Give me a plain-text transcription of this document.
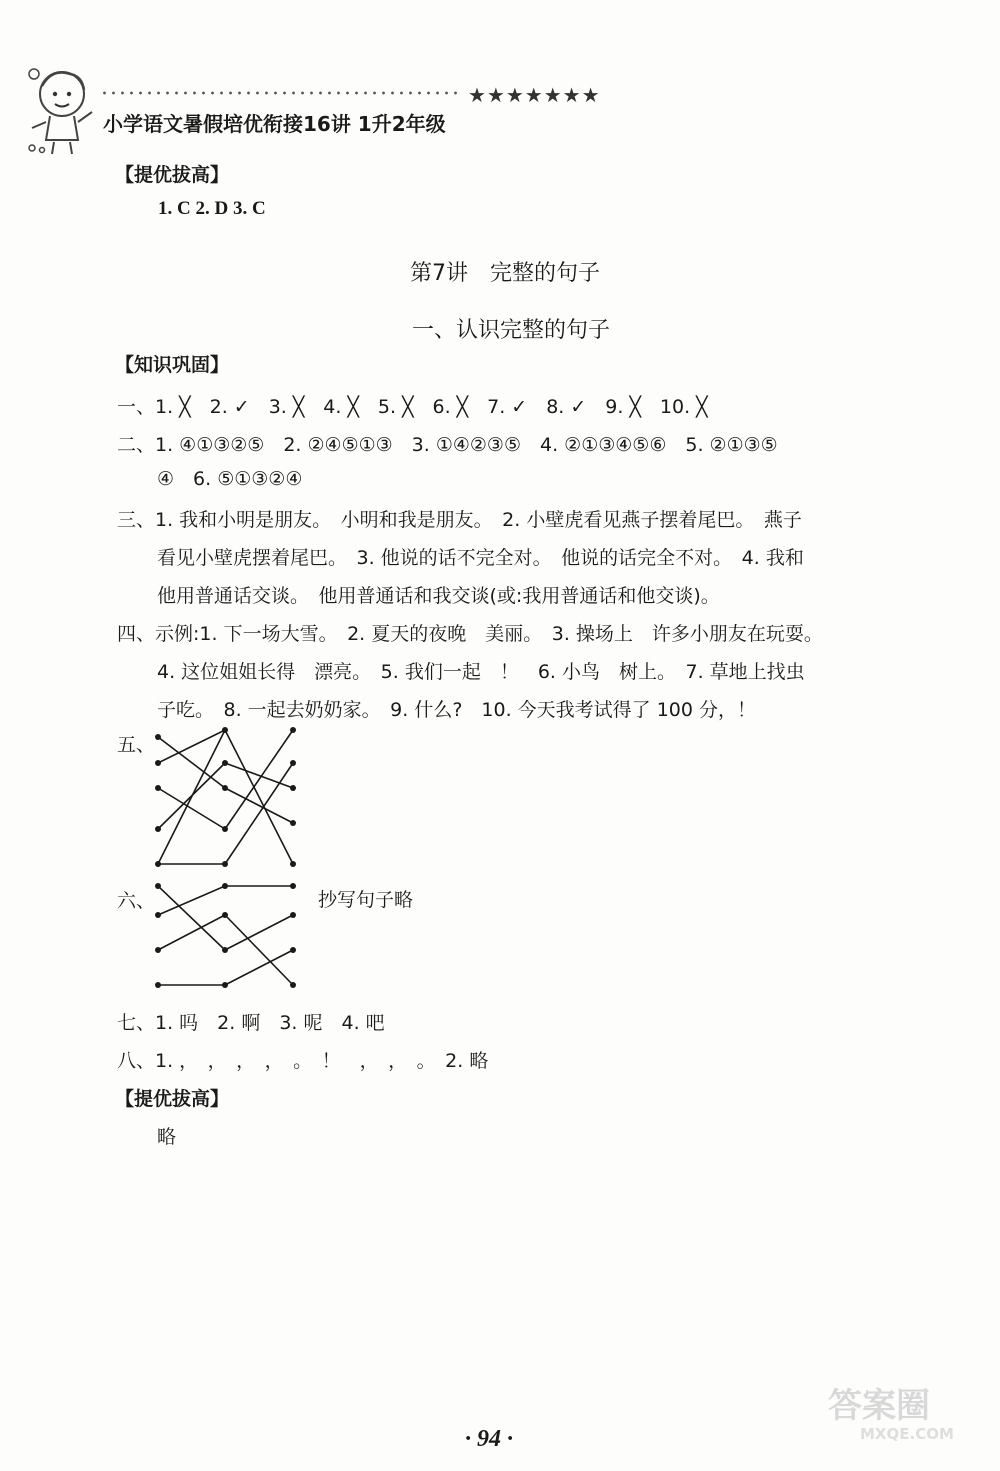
★★★★★★★
小学语文暑假培优衔接16讲 1升2年级
【提优拔高】
1. C 2. D 3. C
第7讲　完整的句子
一、认识完整的句子
【知识巩固】
一、1. ╳　2. ✓　3. ╳　4. ╳　5. ╳　6. ╳　7. ✓　8. ✓　9. ╳　10. ╳
二、1. ④①③②⑤　2. ②④⑤①③　3. ①④②③⑤　4. ②①③④⑤⑥　5. ②①③⑤
④　6. ⑤①③②④
三、1. 我和小明是朋友。　小明和我是朋友。　2. 小壁虎看见燕子摆着尾巴。　燕子
看见小壁虎摆着尾巴。　3. 他说的话不完全对。　他说的话完全不对。　4. 我和
他用普通话交谈。　他用普通话和我交谈(或:我用普通话和他交谈)。
四、示例:1. 下一场大雪。　2. 夏天的夜晚　美丽。　3. 操场上　许多小朋友在玩耍。
4. 这位姐姐长得　漂亮。　5. 我们一起　！　6. 小鸟　树上。　7. 草地上找虫
子吃。　8. 一起去奶奶家。　9. 什么?　10. 今天我考试得了 100 分，！
五、
六、	抄写句子略
七、1. 吗　2. 啊　3. 呢　4. 吧
八、1. ，　，　，　，　。　！　，　，　。　2. 略
【提优拔高】
略
答案圈
MXQE.COM
· 94 ·
